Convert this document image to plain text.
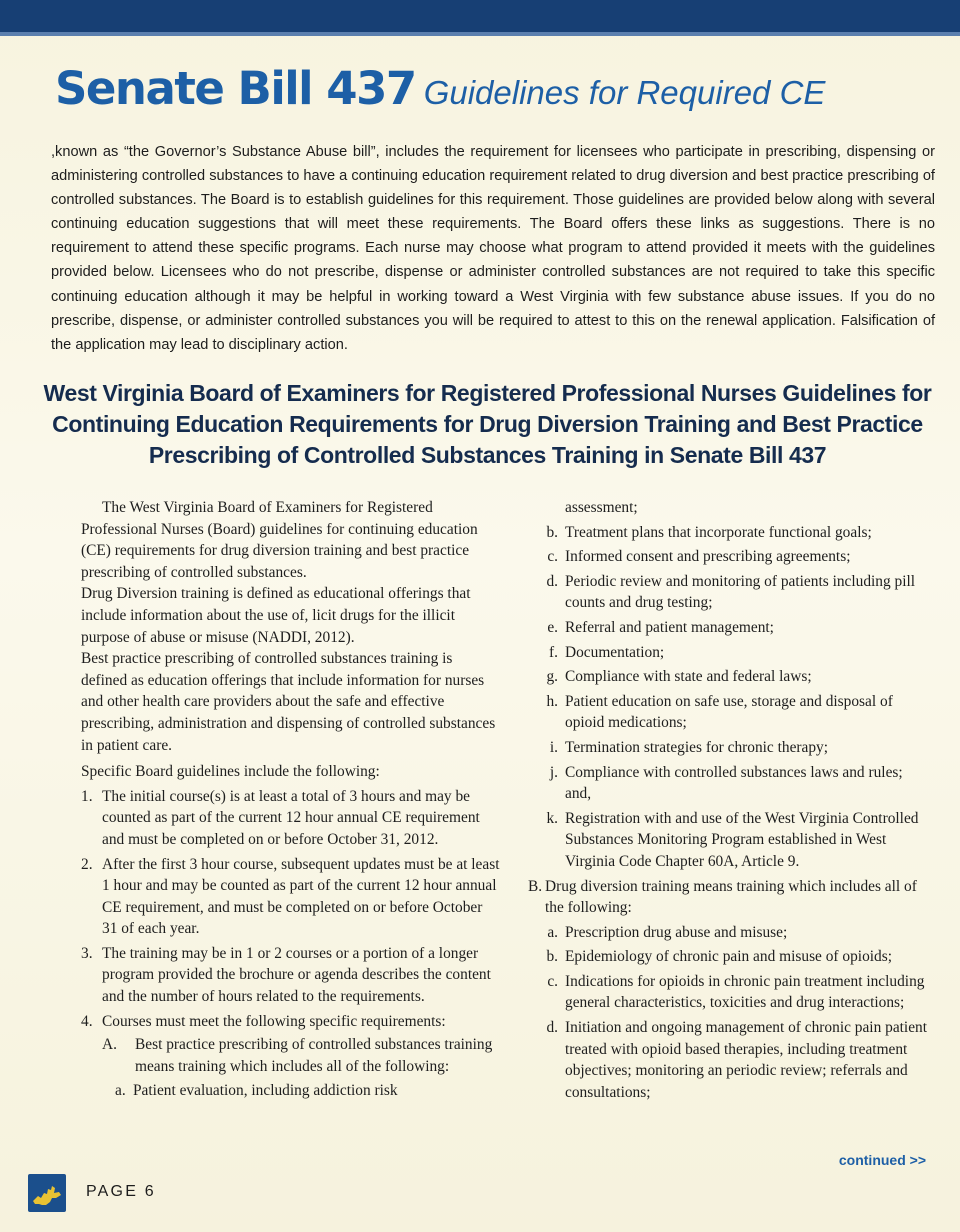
Senate Bill 437 Guidelines for Required CE
,known as “the Governor’s Substance Abuse bill”, includes the requirement for licensees who participate in prescribing, dispensing or administering controlled substances to have a continuing education requirement related to drug diversion and best practice prescribing of controlled substances. The Board is to establish guidelines for this requirement. Those guidelines are provided below along with several continuing education suggestions that will meet these requirements. The Board offers these links as suggestions. There is no requirement to attend these specific programs. Each nurse may choose what program to attend provided it meets with the guidelines provided below. Licensees who do not prescribe, dispense or administer controlled substances are not required to take this specific continuing education although it may be helpful in working toward a West Virginia with few substance abuse issues. If you do no prescribe, dispense, or administer controlled substances you will be required to attest to this on the renewal application. Falsification of the application may lead to disciplinary action.
West Virginia Board of Examiners for Registered Professional Nurses Guidelines for Continuing Education Requirements for Drug Diversion Training and Best Practice Prescribing of Controlled Substances Training in Senate Bill 437

The West Virginia Board of Examiners for Registered Professional Nurses (Board) guidelines for continuing education (CE) requirements for drug diversion training and best practice prescribing of controlled substances.

Drug Diversion training is defined as educational offerings that include information about the use of, licit drugs for the illicit purpose of abuse or misuse (NADDI, 2012).

Best practice prescribing of controlled substances training is defined as education offerings that include information for nurses and other health care providers about the safe and effective prescribing, administration and dispensing of controlled substances in patient care.

Specific Board guidelines include the following:

1. The initial course(s) is at least a total of 3 hours and may be counted as part of the current 12 hour annual CE requirement and must be completed on or before October 31, 2012.
2. After the first 3 hour course, subsequent updates must be at least 1 hour and may be counted as part of the current 12 hour annual CE requirement, and must be completed on or before October 31 of each year.
3. The training may be in 1 or 2 courses or a portion of a longer program provided the brochure or agenda describes the content and the number of hours related to the requirements.
4. Courses must meet the following specific requirements:
A. Best practice prescribing of controlled substances training means training which includes all of the following:
a. Patient evaluation, including addiction risk
assessment;
b. Treatment plans that incorporate functional goals;
c. Informed consent and prescribing agreements;
d. Periodic review and monitoring of patients including pill counts and drug testing;
e. Referral and patient management;
f. Documentation;
g. Compliance with state and federal laws;
h. Patient education on safe use, storage and disposal of opioid medications;
i. Termination strategies for chronic therapy;
j. Compliance with controlled substances laws and rules; and,
k. Registration with and use of the West Virginia Controlled Substances Monitoring Program established in West Virginia Code Chapter 60A, Article 9.
B. Drug diversion training means training which includes all of the following:
a. Prescription drug abuse and misuse;
b. Epidemiology of chronic pain and misuse of opioids;
c. Indications for opioids in chronic pain treatment including general characteristics, toxicities and drug interactions;
d. Initiation and ongoing management of chronic pain patient treated with opioid based therapies, including treatment objectives; monitoring an periodic review; referrals and consultations;
continued >>
PAGE 6
